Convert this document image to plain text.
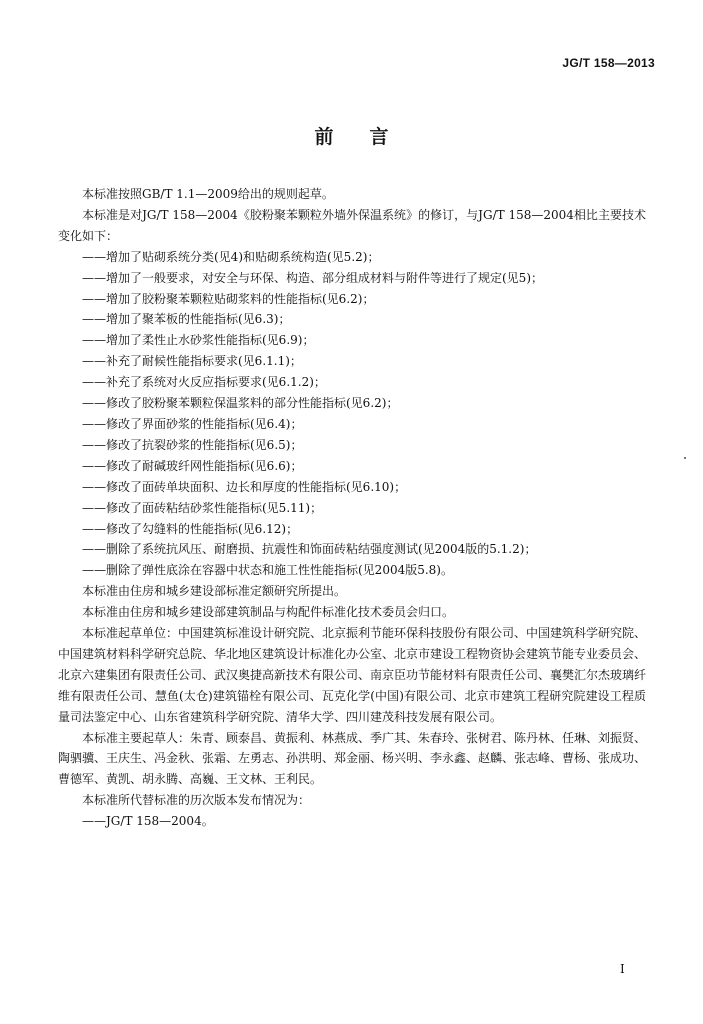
JG/T 158—2013
前言

本标准按照GB/T 1.1—2009给出的规则起草。

本标准是对JG/T 158—2004《胶粉聚苯颗粒外墙外保温系统》的修订，与JG/T 158—2004相比主要技术变化如下：

——增加了贴砌系统分类(见4)和贴砌系统构造(见5.2)；
——增加了一般要求，对安全与环保、构造、部分组成材料与附件等进行了规定(见5)；
——增加了胶粉聚苯颗粒贴砌浆料的性能指标(见6.2)；
——增加了聚苯板的性能指标(见6.3)；
——增加了柔性止水砂浆性能指标(见6.9)；
——补充了耐候性能指标要求(见6.1.1)；
——补充了系统对火反应指标要求(见6.1.2)；
——修改了胶粉聚苯颗粒保温浆料的部分性能指标(见6.2)；
——修改了界面砂浆的性能指标(见6.4)；
——修改了抗裂砂浆的性能指标(见6.5)；
——修改了耐碱玻纤网性能指标(见6.6)；
——修改了面砖单块面积、边长和厚度的性能指标(见6.10)；
——修改了面砖粘结砂浆性能指标(见5.11)；
——修改了勾缝料的性能指标(见6.12)；
——删除了系统抗风压、耐磨损、抗震性和饰面砖粘结强度测试(见2004版的5.1.2)；
——删除了弹性底涂在容器中状态和施工性性能指标(见2004版5.8)。

本标准由住房和城乡建设部标准定额研究所提出。

本标准由住房和城乡建设部建筑制品与构配件标准化技术委员会归口。

本标准起草单位：中国建筑标准设计研究院、北京振利节能环保科技股份有限公司、中国建筑科学研究院、中国建筑材料科学研究总院、华北地区建筑设计标准化办公室、北京市建设工程物资协会建筑节能专业委员会、北京六建集团有限责任公司、武汉奥捷高新技术有限公司、南京臣功节能材料有限责任公司、襄樊汇尔杰玻璃纤维有限责任公司、慧鱼(太仓)建筑锚栓有限公司、瓦克化学(中国)有限公司、北京市建筑工程研究院建设工程质量司法鉴定中心、山东省建筑科学研究院、清华大学、四川建茂科技发展有限公司。

本标准主要起草人：朱青、顾泰昌、黄振利、林燕成、季广其、朱春玲、张树君、陈丹林、任琳、刘振贤、陶驷骥、王庆生、冯金秋、张霜、左勇志、孙洪明、郑金丽、杨兴明、李永鑫、赵麟、张志峰、曹杨、张成功、曹德军、黄凯、胡永腾、高巍、王文林、王利民。

本标准所代替标准的历次版本发布情况为：

——JG/T 158—2004。

I
